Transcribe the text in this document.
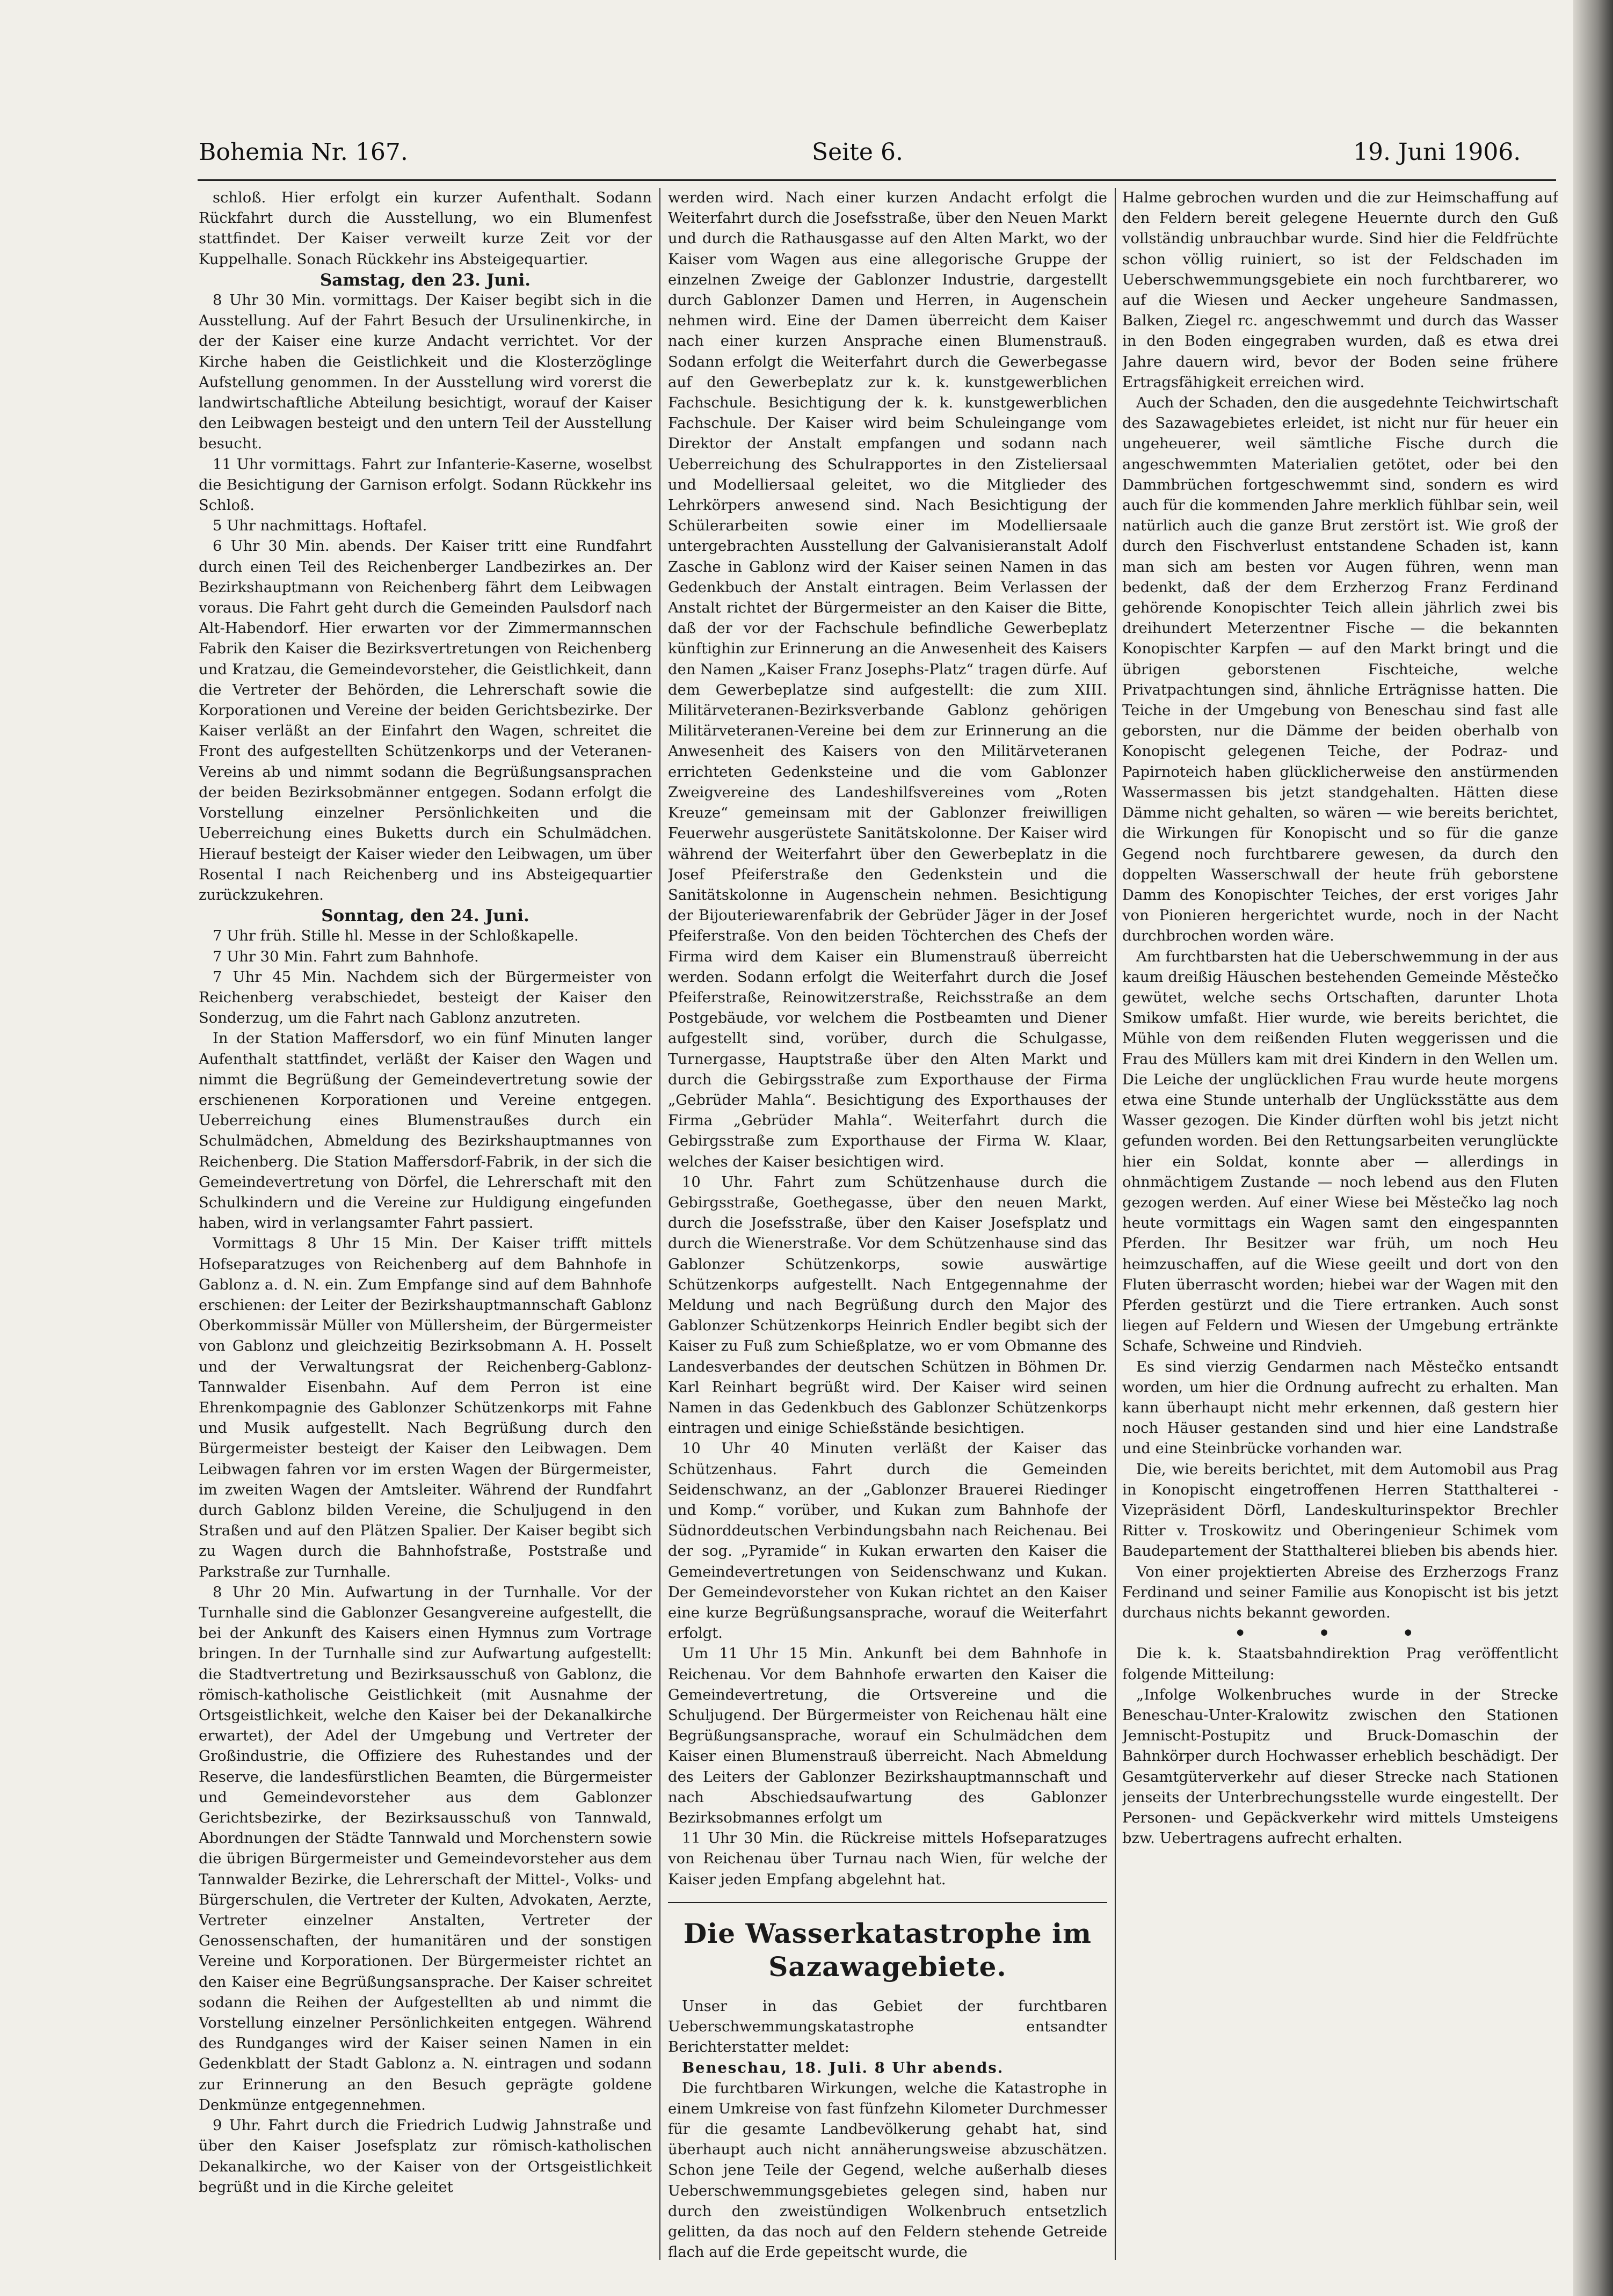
Bohemia Nr. 167.	Seite 6.	19. Juni 1906.

schloß. Hier erfolgt ein kurzer Aufenthalt. Sodann Rückfahrt durch die Ausstellung, wo ein Blumenfest stattfindet. Der Kaiser verweilt kurze Zeit vor der Kuppelhalle. Sonach Rückkehr ins Absteigequartier.

Samstag, den 23. Juni.

8 Uhr 30 Min. vormittags. Der Kaiser begibt sich in die Ausstellung. Auf der Fahrt Besuch der Ursulinenkirche, in der der Kaiser eine kurze Andacht verrichtet. Vor der Kirche haben die Geistlichkeit und die Klosterzöglinge Aufstellung genommen. In der Ausstellung wird vorerst die landwirtschaftliche Abteilung besichtigt, worauf der Kaiser den Leibwagen besteigt und den untern Teil der Ausstellung besucht.

11 Uhr vormittags. Fahrt zur Infanterie-Kaserne, woselbst die Besichtigung der Garnison erfolgt. Sodann Rückkehr ins Schloß.

5 Uhr nachmittags. Hoftafel.

6 Uhr 30 Min. abends. Der Kaiser tritt eine Rundfahrt durch einen Teil des Reichenberger Landbezirkes an. Der Bezirkshauptmann von Reichenberg fährt dem Leibwagen voraus. Die Fahrt geht durch die Gemeinden Paulsdorf nach Alt-Habendorf. Hier erwarten vor der Zimmermannschen Fabrik den Kaiser die Bezirksvertretungen von Reichenberg und Kratzau, die Gemeindevorsteher, die Geistlichkeit, dann die Vertreter der Behörden, die Lehrerschaft sowie die Korporationen und Vereine der beiden Gerichtsbezirke. Der Kaiser verläßt an der Einfahrt den Wagen, schreitet die Front des aufgestellten Schützenkorps und der Veteranen-Vereins ab und nimmt sodann die Begrüßungsansprachen der beiden Bezirksobmänner entgegen. Sodann erfolgt die Vorstellung einzelner Persönlichkeiten und die Ueberreichung eines Buketts durch ein Schulmädchen. Hierauf besteigt der Kaiser wieder den Leibwagen, um über Rosental I nach Reichenberg und ins Absteigequartier zurückzukehren.

Sonntag, den 24. Juni.

7 Uhr früh. Stille hl. Messe in der Schloßkapelle.

7 Uhr 30 Min. Fahrt zum Bahnhofe.

7 Uhr 45 Min. Nachdem sich der Bürgermeister von Reichenberg verabschiedet, besteigt der Kaiser den Sonderzug, um die Fahrt nach Gablonz anzutreten.

In der Station Maffersdorf, wo ein fünf Minuten langer Aufenthalt stattfindet, verläßt der Kaiser den Wagen und nimmt die Begrüßung der Gemeindevertretung sowie der erschienenen Korporationen und Vereine entgegen. Ueberreichung eines Blumenstraußes durch ein Schulmädchen, Abmeldung des Bezirkshauptmannes von Reichenberg. Die Station Maffersdorf-Fabrik, in der sich die Gemeindevertretung von Dörfel, die Lehrerschaft mit den Schulkindern und die Vereine zur Huldigung eingefunden haben, wird in verlangsamter Fahrt passiert.

Vormittags 8 Uhr 15 Min. Der Kaiser trifft mittels Hofseparatzuges von Reichenberg auf dem Bahnhofe in Gablonz a. d. N. ein. Zum Empfange sind auf dem Bahnhofe erschienen: der Leiter der Bezirkshauptmannschaft Gablonz Oberkommissär Müller von Müllersheim, der Bürgermeister von Gablonz und gleichzeitig Bezirksobmann A. H. Posselt und der Verwaltungsrat der Reichenberg-Gablonz-Tannwalder Eisenbahn. Auf dem Perron ist eine Ehrenkompagnie des Gablonzer Schützenkorps mit Fahne und Musik aufgestellt. Nach Begrüßung durch den Bürgermeister besteigt der Kaiser den Leibwagen. Dem Leibwagen fahren vor im ersten Wagen der Bürgermeister, im zweiten Wagen der Amtsleiter. Während der Rundfahrt durch Gablonz bilden Vereine, die Schuljugend in den Straßen und auf den Plätzen Spalier. Der Kaiser begibt sich zu Wagen durch die Bahnhofstraße, Poststraße und Parkstraße zur Turnhalle.

8 Uhr 20 Min. Aufwartung in der Turnhalle. Vor der Turnhalle sind die Gablonzer Gesangvereine aufgestellt, die bei der Ankunft des Kaisers einen Hymnus zum Vortrage bringen. In der Turnhalle sind zur Aufwartung aufgestellt: die Stadtvertretung und Bezirksausschuß von Gablonz, die römisch-katholische Geistlichkeit (mit Ausnahme der Ortsgeistlichkeit, welche den Kaiser bei der Dekanalkirche erwartet), der Adel der Umgebung und Vertreter der Großindustrie, die Offiziere des Ruhestandes und der Reserve, die landesfürstlichen Beamten, die Bürgermeister und Gemeindevorsteher aus dem Gablonzer Gerichtsbezirke, der Bezirksausschuß von Tannwald, Abordnungen der Städte Tannwald und Morchenstern sowie die übrigen Bürgermeister und Gemeindevorsteher aus dem Tannwalder Bezirke, die Lehrerschaft der Mittel-, Volks- und Bürgerschulen, die Vertreter der Kulten, Advokaten, Aerzte, Vertreter einzelner Anstalten, Vertreter der Genossenschaften, der humanitären und der sonstigen Vereine und Korporationen. Der Bürgermeister richtet an den Kaiser eine Begrüßungsansprache. Der Kaiser schreitet sodann die Reihen der Aufgestellten ab und nimmt die Vorstellung einzelner Persönlichkeiten entgegen. Während des Rundganges wird der Kaiser seinen Namen in ein Gedenkblatt der Stadt Gablonz a. N. eintragen und sodann zur Erinnerung an den Besuch geprägte goldene Denkmünze entgegennehmen.

9 Uhr. Fahrt durch die Friedrich Ludwig Jahnstraße und über den Kaiser Josefsplatz zur römisch-katholischen Dekanalkirche, wo der Kaiser von der Ortsgeistlichkeit begrüßt und in die Kirche geleitet

werden wird. Nach einer kurzen Andacht erfolgt die Weiterfahrt durch die Josefsstraße, über den Neuen Markt und durch die Rathausgasse auf den Alten Markt, wo der Kaiser vom Wagen aus eine allegorische Gruppe der einzelnen Zweige der Gablonzer Industrie, dargestellt durch Gablonzer Damen und Herren, in Augenschein nehmen wird. Eine der Damen überreicht dem Kaiser nach einer kurzen Ansprache einen Blumenstrauß. Sodann erfolgt die Weiterfahrt durch die Gewerbegasse auf den Gewerbeplatz zur k. k. kunstgewerblichen Fachschule. Besichtigung der k. k. kunstgewerblichen Fachschule. Der Kaiser wird beim Schuleingange vom Direktor der Anstalt empfangen und sodann nach Ueberreichung des Schulrapportes in den Zisteliersaal und Modelliersaal geleitet, wo die Mitglieder des Lehrkörpers anwesend sind. Nach Besichtigung der Schülerarbeiten sowie einer im Modelliersaale untergebrachten Ausstellung der Galvanisieranstalt Adolf Zasche in Gablonz wird der Kaiser seinen Namen in das Gedenkbuch der Anstalt eintragen. Beim Verlassen der Anstalt richtet der Bürgermeister an den Kaiser die Bitte, daß der vor der Fachschule befindliche Gewerbeplatz künftighin zur Erinnerung an die Anwesenheit des Kaisers den Namen „Kaiser Franz Josephs-Platz“ tragen dürfe. Auf dem Gewerbeplatze sind aufgestellt: die zum XIII. Militärveteranen-Bezirksverbande Gablonz gehörigen Militärveteranen-Vereine bei dem zur Erinnerung an die Anwesenheit des Kaisers von den Militärveteranen errichteten Gedenksteine und die vom Gablonzer Zweigvereine des Landeshilfsvereines vom „Roten Kreuze“ gemeinsam mit der Gablonzer freiwilligen Feuerwehr ausgerüstete Sanitätskolonne. Der Kaiser wird während der Weiterfahrt über den Gewerbeplatz in die Josef Pfeiferstraße den Gedenkstein und die Sanitätskolonne in Augenschein nehmen. Besichtigung der Bijouteriewarenfabrik der Gebrüder Jäger in der Josef Pfeiferstraße. Von den beiden Töchterchen des Chefs der Firma wird dem Kaiser ein Blumenstrauß überreicht werden. Sodann erfolgt die Weiterfahrt durch die Josef Pfeiferstraße, Reinowitzerstraße, Reichsstraße an dem Postgebäude, vor welchem die Postbeamten und Diener aufgestellt sind, vorüber, durch die Schulgasse, Turnergasse, Hauptstraße über den Alten Markt und durch die Gebirgsstraße zum Exporthause der Firma „Gebrüder Mahla“. Besichtigung des Exporthauses der Firma „Gebrüder Mahla“. Weiterfahrt durch die Gebirgsstraße zum Exporthause der Firma W. Klaar, welches der Kaiser besichtigen wird.

10 Uhr. Fahrt zum Schützenhause durch die Gebirgsstraße, Goethegasse, über den neuen Markt, durch die Josefsstraße, über den Kaiser Josefsplatz und durch die Wienerstraße. Vor dem Schützenhause sind das Gablonzer Schützenkorps, sowie auswärtige Schützenkorps aufgestellt. Nach Entgegennahme der Meldung und nach Begrüßung durch den Major des Gablonzer Schützenkorps Heinrich Endler begibt sich der Kaiser zu Fuß zum Schießplatze, wo er vom Obmanne des Landesverbandes der deutschen Schützen in Böhmen Dr. Karl Reinhart begrüßt wird. Der Kaiser wird seinen Namen in das Gedenkbuch des Gablonzer Schützenkorps eintragen und einige Schießstände besichtigen.

10 Uhr 40 Minuten verläßt der Kaiser das Schützenhaus. Fahrt durch die Gemeinden Seidenschwanz, an der „Gablonzer Brauerei Riedinger und Komp.“ vorüber, und Kukan zum Bahnhofe der Südnorddeutschen Verbindungsbahn nach Reichenau. Bei der sog. „Pyramide“ in Kukan erwarten den Kaiser die Gemeindevertretungen von Seidenschwanz und Kukan. Der Gemeindevorsteher von Kukan richtet an den Kaiser eine kurze Begrüßungsansprache, worauf die Weiterfahrt erfolgt.

Um 11 Uhr 15 Min. Ankunft bei dem Bahnhofe in Reichenau. Vor dem Bahnhofe erwarten den Kaiser die Gemeindevertretung, die Ortsvereine und die Schuljugend. Der Bürgermeister von Reichenau hält eine Begrüßungsansprache, worauf ein Schulmädchen dem Kaiser einen Blumenstrauß überreicht. Nach Abmeldung des Leiters der Gablonzer Bezirkshauptmannschaft und nach Abschiedsaufwartung des Gablonzer Bezirksobmannes erfolgt um

11 Uhr 30 Min. die Rückreise mittels Hofseparatzuges von Reichenau über Turnau nach Wien, für welche der Kaiser jeden Empfang abgelehnt hat.

Die Wasserkatastrophe im Sazawagebiete.

Unser in das Gebiet der furchtbaren Ueberschwemmungskatastrophe entsandter Berichterstatter meldet:

Beneschau, 18. Juli. 8 Uhr abends.

Die furchtbaren Wirkungen, welche die Katastrophe in einem Umkreise von fast fünfzehn Kilometer Durchmesser für die gesamte Landbevölkerung gehabt hat, sind überhaupt auch nicht annäherungsweise abzuschätzen. Schon jene Teile der Gegend, welche außerhalb dieses Ueberschwemmungsgebietes gelegen sind, haben nur durch den zweistündigen Wolkenbruch entsetzlich gelitten, da das noch auf den Feldern stehende Getreide flach auf die Erde gepeitscht wurde, die

Halme gebrochen wurden und die zur Heimschaffung auf den Feldern bereit gelegene Heuernte durch den Guß vollständig unbrauchbar wurde. Sind hier die Feldfrüchte schon völlig ruiniert, so ist der Feldschaden im Ueberschwemmungsgebiete ein noch furchtbarerer, wo auf die Wiesen und Aecker ungeheure Sandmassen, Balken, Ziegel rc. angeschwemmt und durch das Wasser in den Boden eingegraben wurden, daß es etwa drei Jahre dauern wird, bevor der Boden seine frühere Ertragsfähigkeit erreichen wird.

Auch der Schaden, den die ausgedehnte Teichwirtschaft des Sazawagebietes erleidet, ist nicht nur für heuer ein ungeheuerer, weil sämtliche Fische durch die angeschwemmten Materialien getötet, oder bei den Dammbrüchen fortgeschwemmt sind, sondern es wird auch für die kommenden Jahre merklich fühlbar sein, weil natürlich auch die ganze Brut zerstört ist. Wie groß der durch den Fischverlust entstandene Schaden ist, kann man sich am besten vor Augen führen, wenn man bedenkt, daß der dem Erzherzog Franz Ferdinand gehörende Konopischter Teich allein jährlich zwei bis dreihundert Meterzentner Fische — die bekannten Konopischter Karpfen — auf den Markt bringt und die übrigen geborstenen Fischteiche, welche Privatpachtungen sind, ähnliche Erträgnisse hatten. Die Teiche in der Umgebung von Beneschau sind fast alle geborsten, nur die Dämme der beiden oberhalb von Konopischt gelegenen Teiche, der Podraz- und Papirnoteich haben glücklicherweise den anstürmenden Wassermassen bis jetzt standgehalten. Hätten diese Dämme nicht gehalten, so wären — wie bereits berichtet, die Wirkungen für Konopischt und so für die ganze Gegend noch furchtbarere gewesen, da durch den doppelten Wasserschwall der heute früh geborstene Damm des Konopischter Teiches, der erst voriges Jahr von Pionieren hergerichtet wurde, noch in der Nacht durchbrochen worden wäre.

Am furchtbarsten hat die Ueberschwemmung in der aus kaum dreißig Häuschen bestehenden Gemeinde Městečko gewütet, welche sechs Ortschaften, darunter Lhota Smikow umfaßt. Hier wurde, wie bereits berichtet, die Mühle von dem reißenden Fluten weggerissen und die Frau des Müllers kam mit drei Kindern in den Wellen um. Die Leiche der unglücklichen Frau wurde heute morgens etwa eine Stunde unterhalb der Unglücksstätte aus dem Wasser gezogen. Die Kinder dürften wohl bis jetzt nicht gefunden worden. Bei den Rettungsarbeiten verunglückte hier ein Soldat, konnte aber — allerdings in ohnmächtigem Zustande — noch lebend aus den Fluten gezogen werden. Auf einer Wiese bei Městečko lag noch heute vormittags ein Wagen samt den eingespannten Pferden. Ihr Besitzer war früh, um noch Heu heimzuschaffen, auf die Wiese geeilt und dort von den Fluten überrascht worden; hiebei war der Wagen mit den Pferden gestürzt und die Tiere ertranken. Auch sonst liegen auf Feldern und Wiesen der Umgebung ertränkte Schafe, Schweine und Rindvieh.

Es sind vierzig Gendarmen nach Městečko entsandt worden, um hier die Ordnung aufrecht zu erhalten. Man kann überhaupt nicht mehr erkennen, daß gestern hier noch Häuser gestanden sind und hier eine Landstraße und eine Steinbrücke vorhanden war.

Die, wie bereits berichtet, mit dem Automobil aus Prag in Konopischt eingetroffenen Herren Statthalterei - Vizepräsident Dörfl, Landeskulturinspektor Brechler Ritter v. Troskowitz und Oberingenieur Schimek vom Baudepartement der Statthalterei blieben bis abends hier.

Von einer projektierten Abreise des Erzherzogs Franz Ferdinand und seiner Familie aus Konopischt ist bis jetzt durchaus nichts bekannt geworden.

• • •

Die k. k. Staatsbahndirektion Prag veröffentlicht folgende Mitteilung:

„Infolge Wolkenbruches wurde in der Strecke Beneschau-Unter-Kralowitz zwischen den Stationen Jemnischt-Postupitz und Bruck-Domaschin der Bahnkörper durch Hochwasser erheblich beschädigt. Der Gesamtgüterverkehr auf dieser Strecke nach Stationen jenseits der Unterbrechungsstelle wurde eingestellt. Der Personen- und Gepäckverkehr wird mittels Umsteigens bzw. Uebertragens aufrecht erhalten.
